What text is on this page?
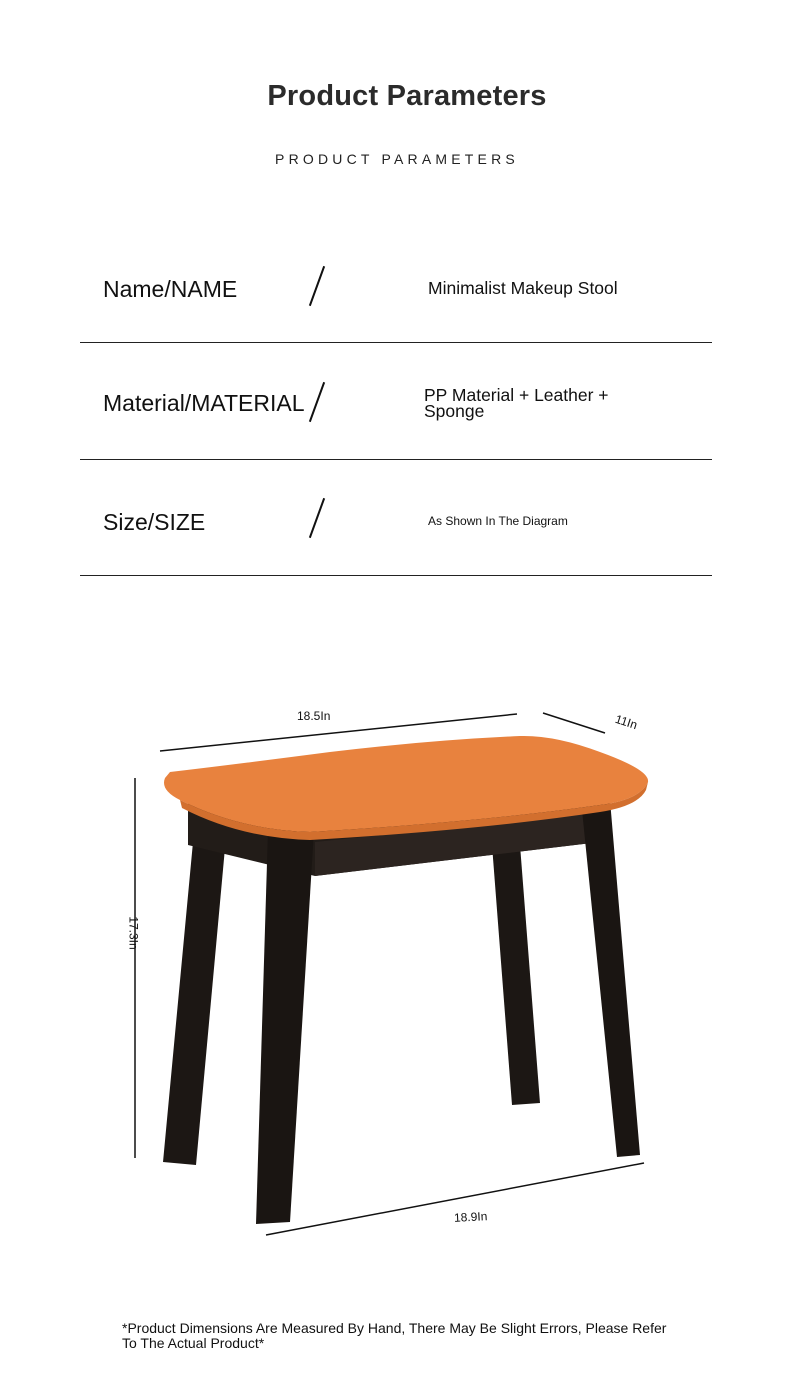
Product Parameters
PRODUCT PARAMETERS
Name/NAME	Minimalist Makeup Stool
Material/MATERIAL	PP Material + Leather +
Sponge
Size/SIZE	As Shown In The Diagram
18.5In	11In
17.3In
18.9In
*Product Dimensions Are Measured By Hand, There May Be Slight Errors, Please Refer
To The Actual Product*
